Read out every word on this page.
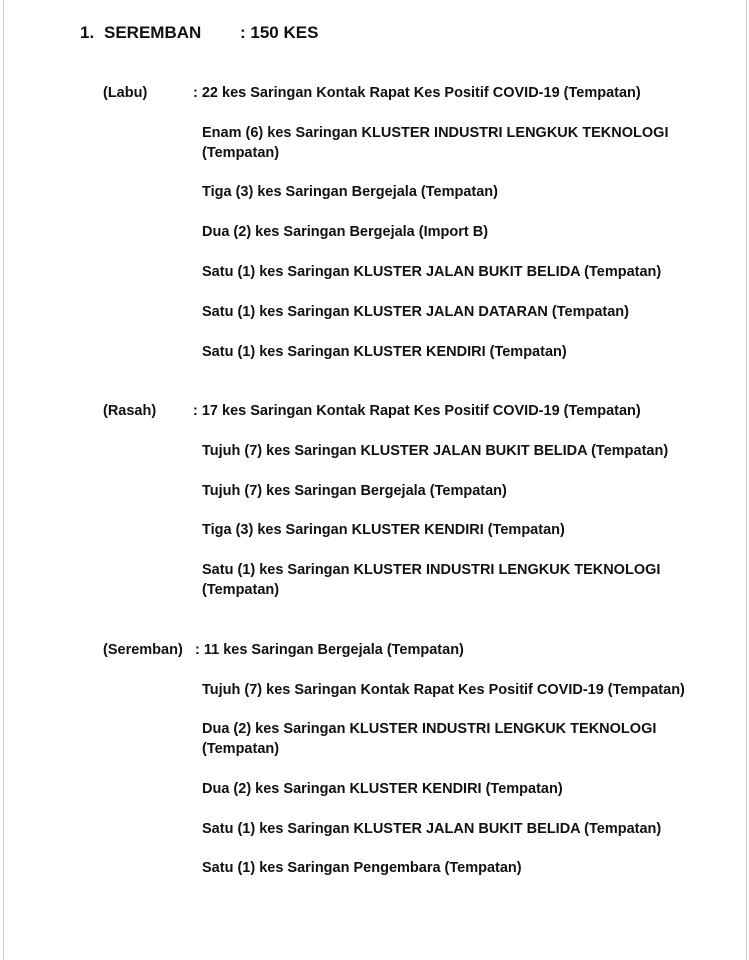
1. SEREMBAN : 150 KES
(Labu)	: 22 kes Saringan Kontak Rapat Kes Positif COVID-19 (Tempatan)
Enam (6) kes Saringan KLUSTER INDUSTRI LENGKUK TEKNOLOGI (Tempatan)
Tiga (3) kes Saringan Bergejala (Tempatan)
Dua (2) kes Saringan Bergejala (Import B)
Satu (1) kes Saringan KLUSTER JALAN BUKIT BELIDA (Tempatan)
Satu (1) kes Saringan KLUSTER JALAN DATARAN (Tempatan)
Satu (1) kes Saringan KLUSTER KENDIRI (Tempatan)
(Rasah)	: 17 kes Saringan Kontak Rapat Kes Positif COVID-19 (Tempatan)
Tujuh (7) kes Saringan KLUSTER JALAN BUKIT BELIDA (Tempatan)
Tujuh (7) kes Saringan Bergejala (Tempatan)
Tiga (3) kes Saringan KLUSTER KENDIRI (Tempatan)
Satu (1) kes Saringan KLUSTER INDUSTRI LENGKUK TEKNOLOGI (Tempatan)
(Seremban) : 11 kes Saringan Bergejala (Tempatan)
Tujuh (7) kes Saringan Kontak Rapat Kes Positif COVID-19 (Tempatan)
Dua (2) kes Saringan KLUSTER INDUSTRI LENGKUK TEKNOLOGI (Tempatan)
Dua (2) kes Saringan KLUSTER KENDIRI (Tempatan)
Satu (1) kes Saringan KLUSTER JALAN BUKIT BELIDA (Tempatan)
Satu (1) kes Saringan Pengembara (Tempatan)
